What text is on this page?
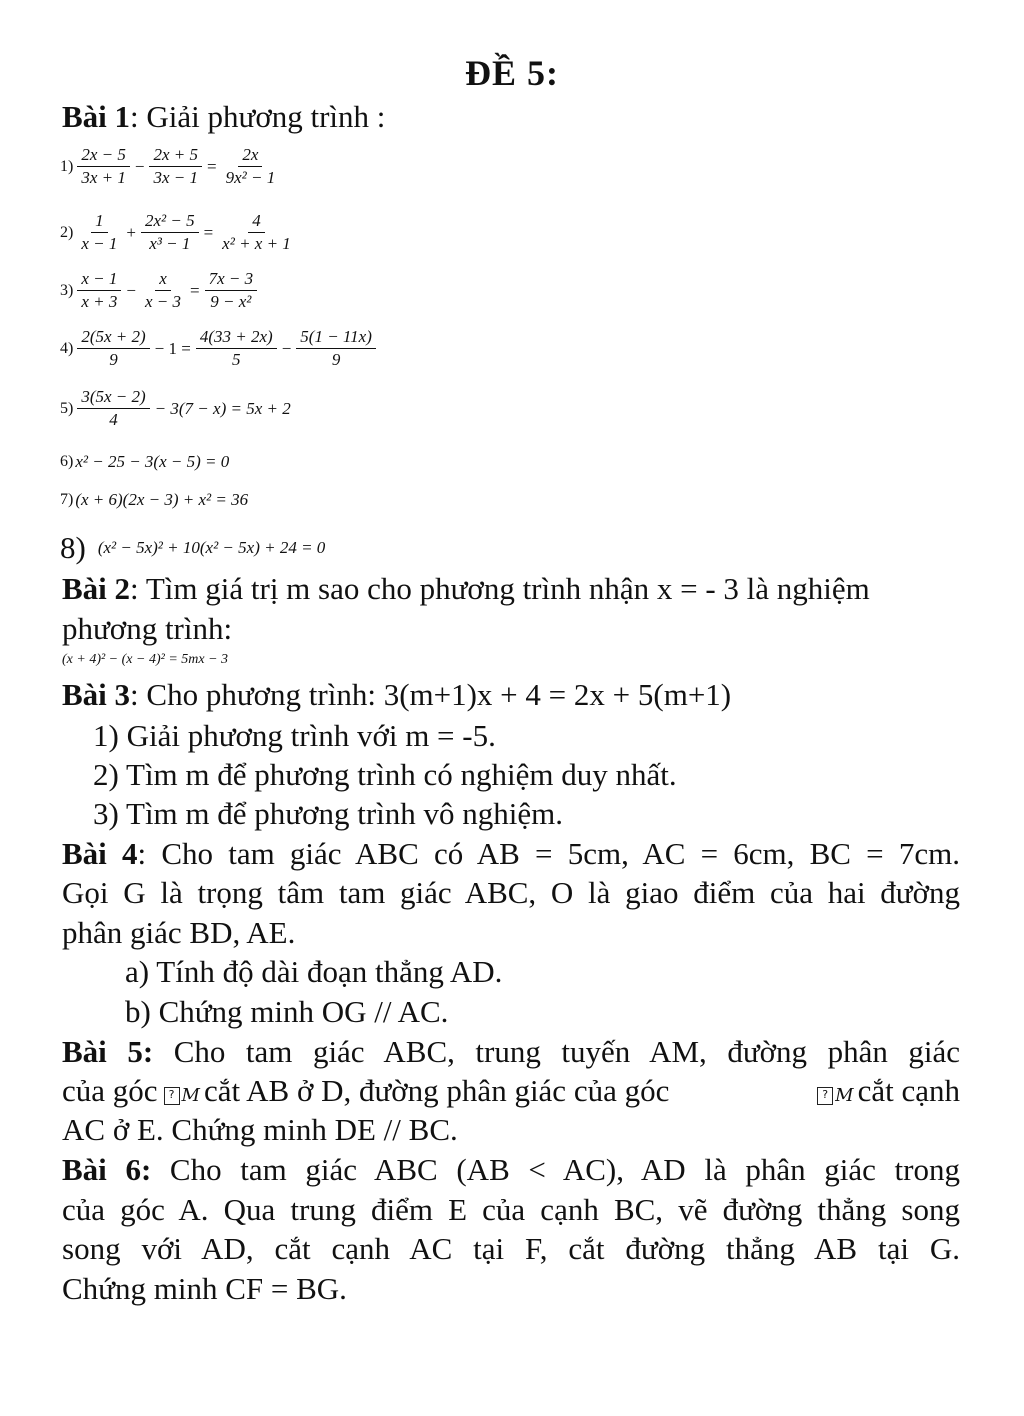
ĐỀ 5:
Bài 1: Giải phương trình :
$1) \frac{2x - 5}{3x + 1} - \frac{2x + 5}{3x - 1} = \frac{2x}{\text{9x² − 1}}$
$2) \frac{1}{x - 1} + \frac{\text{2x² − 5}}{\text{x³ − 1}} = \frac{4}{\text{x² + x + 1}}$
$3) \frac{x - 1}{x + 3} - \frac{x}{x - 3} = \frac{7x - 3}{\text{9 − x²}}$
$4) \frac{2(5x + 2)}{9} - 1 = \frac{4(33 + 2x)}{5} - \frac{5(1 - 11x)}{9}$
$5) \frac{3(5x - 2)}{4} - 3(7 - x) = 5x + 2$
6) x² − 25 − 3(x − 5) = 0
7) (x + 6)(2x − 3) + x² = 36
8) (x² − 5x)² + 10(x² − 5x) + 24 = 0
Bài 2: Tìm giá trị m sao cho phương trình nhận x = - 3 là nghiệm
phương trình:
(x + 4)² − (x − 4)² = 5mx − 3
Bài 3: Cho phương trình: 3(m+1)x + 4 = 2x + 5(m+1)
1) Giải phương trình với m = -5.
2) Tìm m để phương trình có nghiệm duy nhất.
3) Tìm m để phương trình vô nghiệm.
Bài 4: Cho tam giác ABC có AB = 5cm, AC = 6cm, BC = 7cm.
Gọi G là trọng tâm tam giác ABC, O là giao điểm của hai đường
phân giác BD, AE.
a) Tính độ dài đoạn thẳng AD.
b) Chứng minh OG // AC.
Bài 5: Cho tam giác ABC, trung tuyến AM, đường phân giác
của góc ? M cắt AB ở D, đường phân giác của góc	? M cắt cạnh
AC ở E. Chứng minh DE // BC.
Bài 6: Cho tam giác ABC (AB < AC), AD là phân giác trong
của góc A. Qua trung điểm E của cạnh BC, vẽ đường thẳng song
song với AD, cắt cạnh AC tại F, cắt đường thẳng AB tại G.
Chứng minh CF = BG.
